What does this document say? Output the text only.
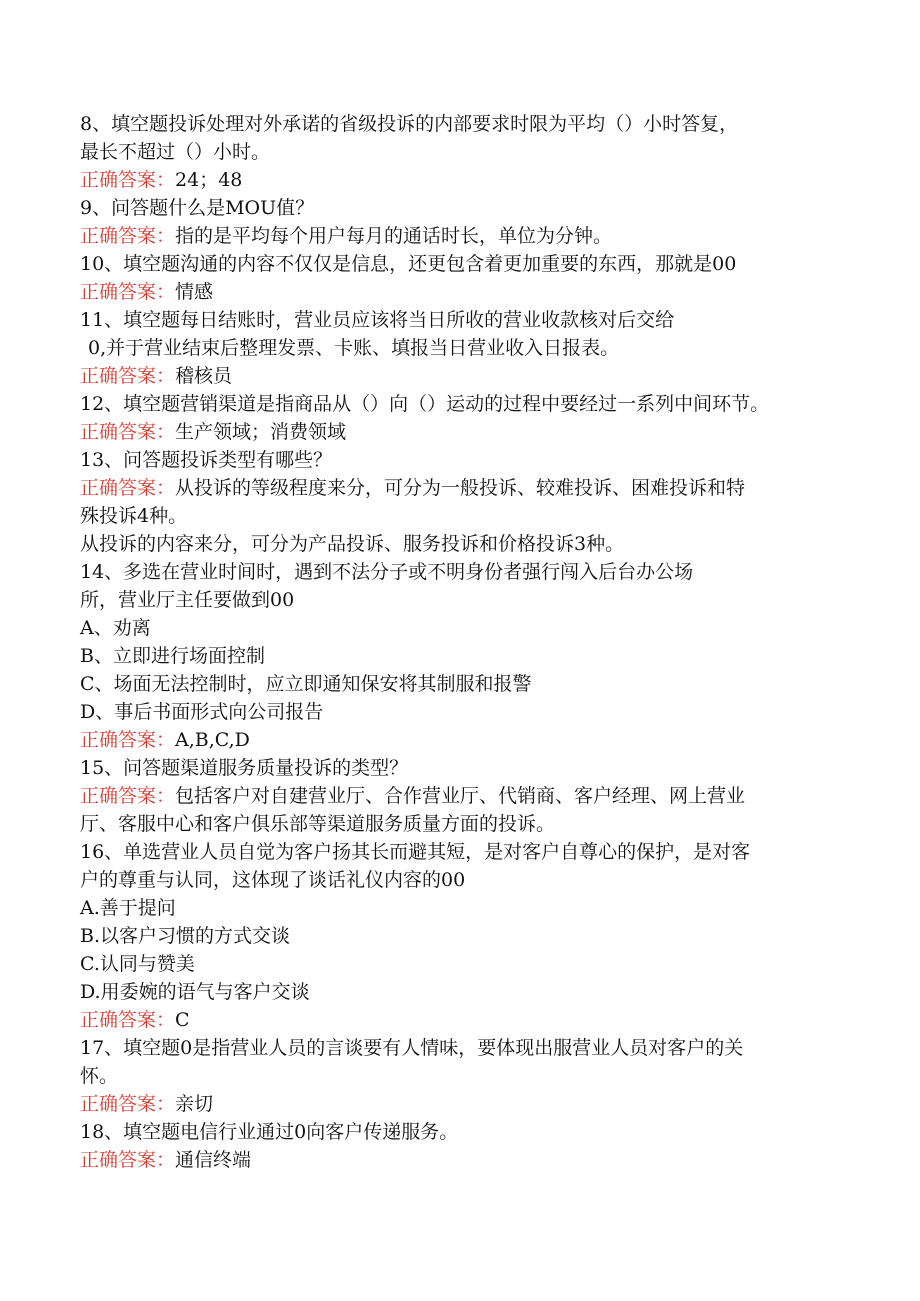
8、填空题投诉处理对外承诺的省级投诉的内部要求时限为平均（）小时答复，

最长不超过（）小时。

正确答案：24；48

9、问答题什么是MOU值？

正确答案：指的是平均每个用户每月的通话时长，单位为分钟。

10、填空题沟通的内容不仅仅是信息，还更包含着更加重要的东西，那就是00

正确答案：情感

11、填空题每日结账时，营业员应该将当日所收的营业收款核对后交给

0,并于营业结束后整理发票、卡账、填报当日营业收入日报表。

正确答案：稽核员

12、填空题营销渠道是指商品从（）向（）运动的过程中要经过一系列中间环节。

正确答案：生产领域；消费领域

13、问答题投诉类型有哪些？

正确答案：从投诉的等级程度来分，可分为一般投诉、较难投诉、困难投诉和特

殊投诉4种。

从投诉的内容来分，可分为产品投诉、服务投诉和价格投诉3种。

14、多选在营业时间时，遇到不法分子或不明身份者强行闯入后台办公场

所，营业厅主任要做到00

A、劝离

B、立即进行场面控制

C、场面无法控制时，应立即通知保安将其制服和报警

D、事后书面形式向公司报告

正确答案：A,B,C,D

15、问答题渠道服务质量投诉的类型？

正确答案：包括客户对自建营业厅、合作营业厅、代销商、客户经理、网上营业

厅、客服中心和客户俱乐部等渠道服务质量方面的投诉。

16、单选营业人员自觉为客户扬其长而避其短，是对客户自尊心的保护，是对客

户的尊重与认同，这体现了谈话礼仪内容的00

A.善于提问

B.以客户习惯的方式交谈

C.认同与赞美

D.用委婉的语气与客户交谈

正确答案：C

17、填空题0是指营业人员的言谈要有人情味，要体现出服营业人员对客户的关

怀。

正确答案：亲切

18、填空题电信行业通过0向客户传递服务。

正确答案：通信终端
